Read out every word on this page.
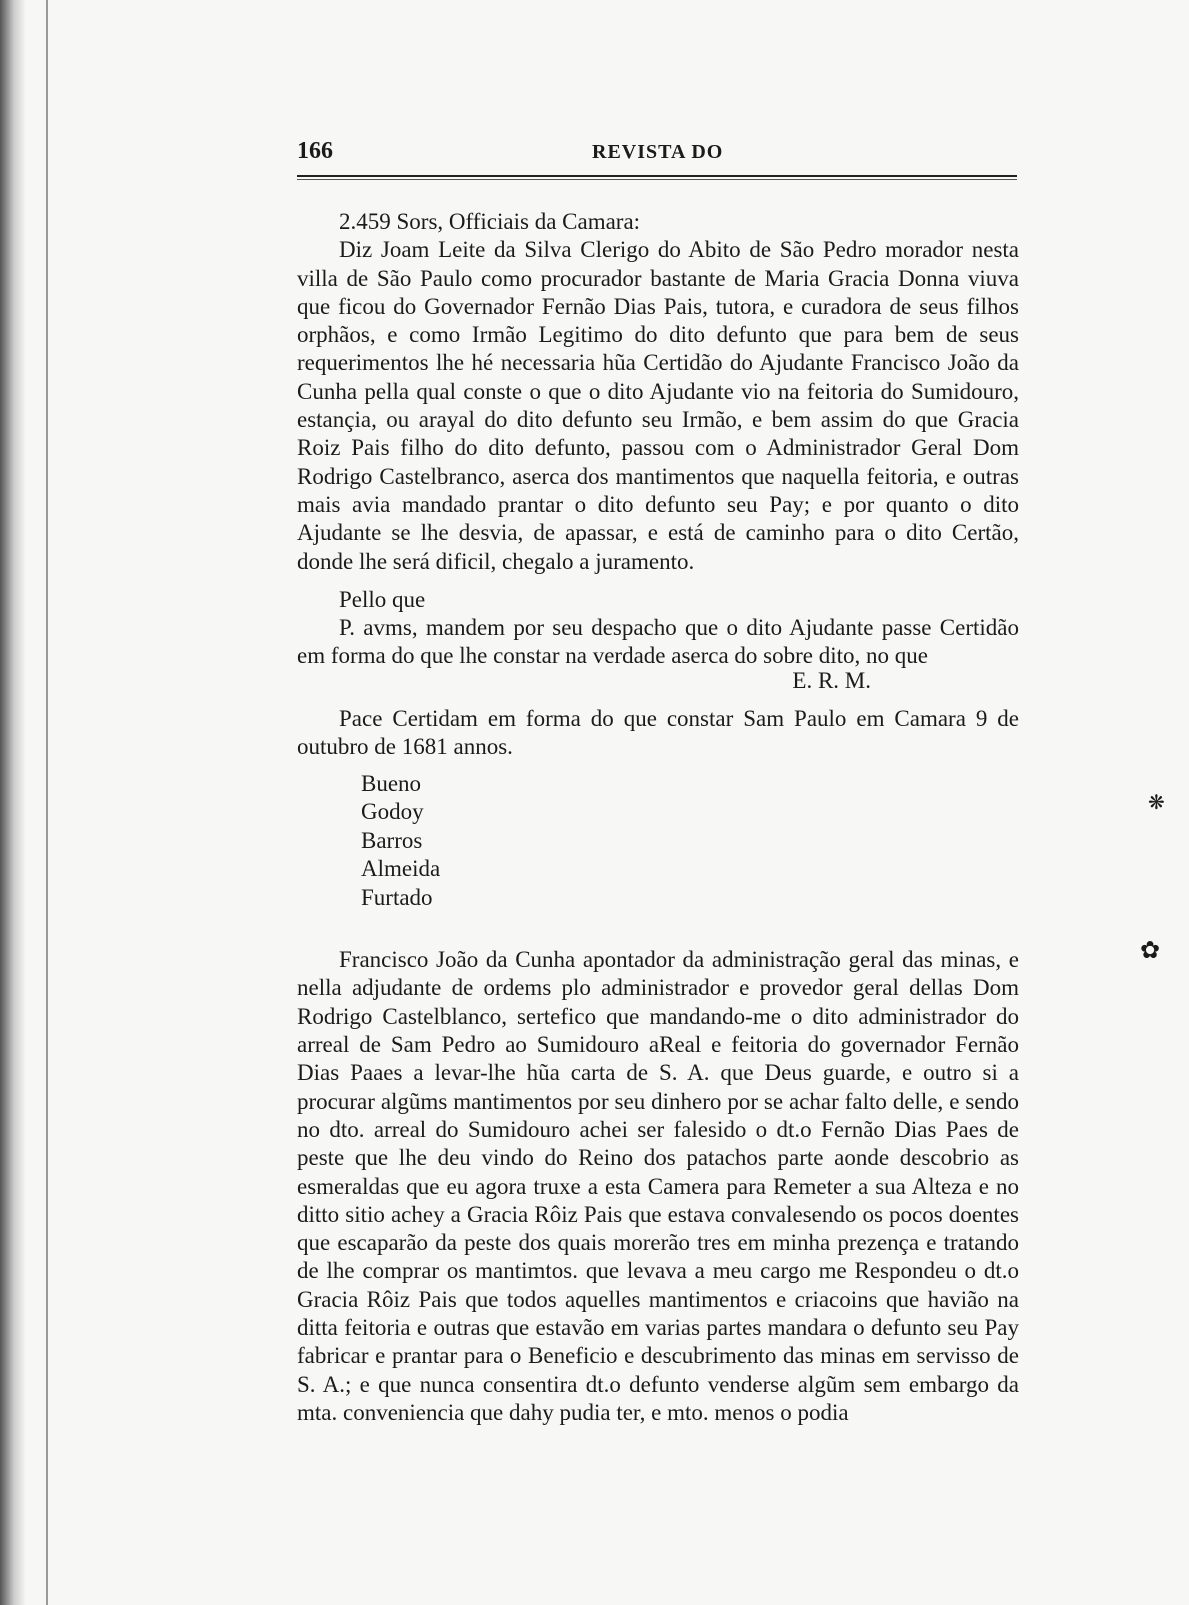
166	REVISTA DO

2.459 Sors, Officiais da Camara:

Diz Joam Leite da Silva Clerigo do Abito de São Pedro morador nesta villa de São Paulo como procurador bastante de Maria Gracia Donna viuva que ficou do Governador Fernão Dias Pais, tutora, e curadora de seus filhos orphãos, e como Irmão Legitimo do dito defunto que para bem de seus requerimentos lhe hé necessaria hũa Certidão do Ajudante Francisco João da Cunha pella qual conste o que o dito Ajudante vio na feitoria do Sumidouro, estançia, ou arayal do dito defunto seu Irmão, e bem assim do que Gracia Roiz Pais filho do dito defunto, passou com o Administrador Geral Dom Rodrigo Castelbranco, aserca dos mantimentos que naquella feitoria, e outras mais avia mandado prantar o dito defunto seu Pay; e por quanto o dito Ajudante se lhe desvia, de apassar, e está de caminho para o dito Certão, donde lhe será dificil, chegalo a juramento.

Pello que

P. avms, mandem por seu despacho que o dito Ajudante passe Certidão em forma do que lhe constar na verdade aserca do sobre dito, no que

E. R. M.

Pace Certidam em forma do que constar Sam Paulo em Camara 9 de outubro de 1681 annos.

Bueno
Godoy
Barros
Almeida
Furtado

Francisco João da Cunha apontador da administração geral das minas, e nella adjudante de ordems plo administrador e provedor geral dellas Dom Rodrigo Castelblanco, sertefico que mandando-me o dito administrador do arreal de Sam Pedro ao Sumidouro aReal e feitoria do governador Fernão Dias Paaes a levar-lhe hũa carta de S. A. que Deus guarde, e outro si a procurar algũms mantimentos por seu dinhero por se achar falto delle, e sendo no dto. arreal do Sumidouro achei ser falesido o dt.o Fernão Dias Paes de peste que lhe deu vindo do Reino dos patachos parte aonde descobrio as esmeraldas que eu agora truxe a esta Camera para Remeter a sua Alteza e no ditto sitio achey a Gracia Rôiz Pais que estava convalesendo os pocos doentes que escaparão da peste dos quais morerão tres em minha prezença e tratando de lhe comprar os mantimtos. que levava a meu cargo me Respondeu o dt.o Gracia Rôiz Pais que todos aquelles mantimentos e criacoins que havião na ditta feitoria e outras que estavão em varias partes mandara o defunto seu Pay fabricar e prantar para o Beneficio e descubrimento das minas em servisso de S. A.; e que nunca consentira dt.o defunto venderse algũm sem embargo da mta. conveniencia que dahy pudia ter, e mto. menos o podia

❋
✿
